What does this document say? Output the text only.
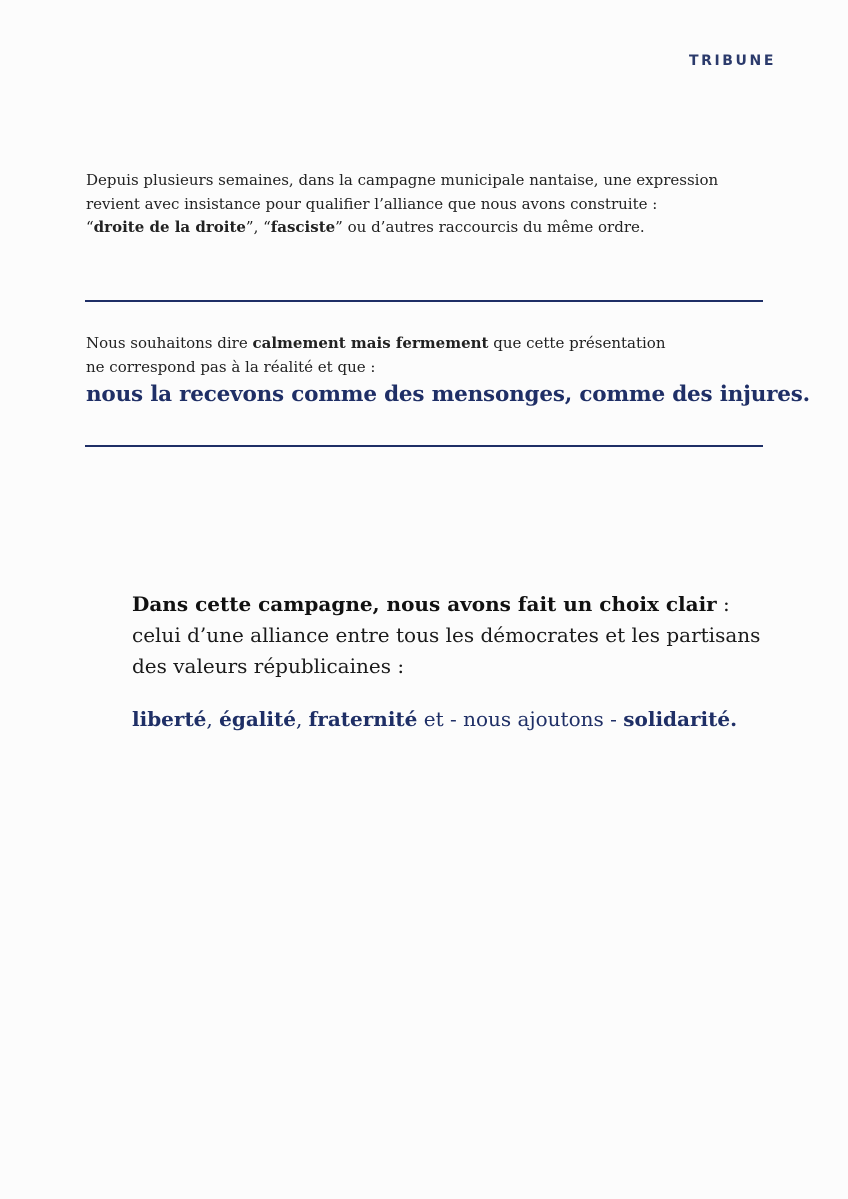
TRIBUNE
Depuis plusieurs semaines, dans la campagne municipale nantaise, une expression
revient avec insistance pour qualifier l’alliance que nous avons construite :
“droite de la droite”, “fasciste” ou d’autres raccourcis du même ordre.
Nous souhaitons dire calmement mais fermement que cette présentation
ne correspond pas à la réalité et que :
nous la recevons comme des mensonges, comme des injures.
Dans cette campagne, nous avons fait un choix clair :
celui d’une alliance entre tous les démocrates et les partisans
des valeurs républicaines :
liberté, égalité, fraternité et - nous ajoutons - solidarité.
